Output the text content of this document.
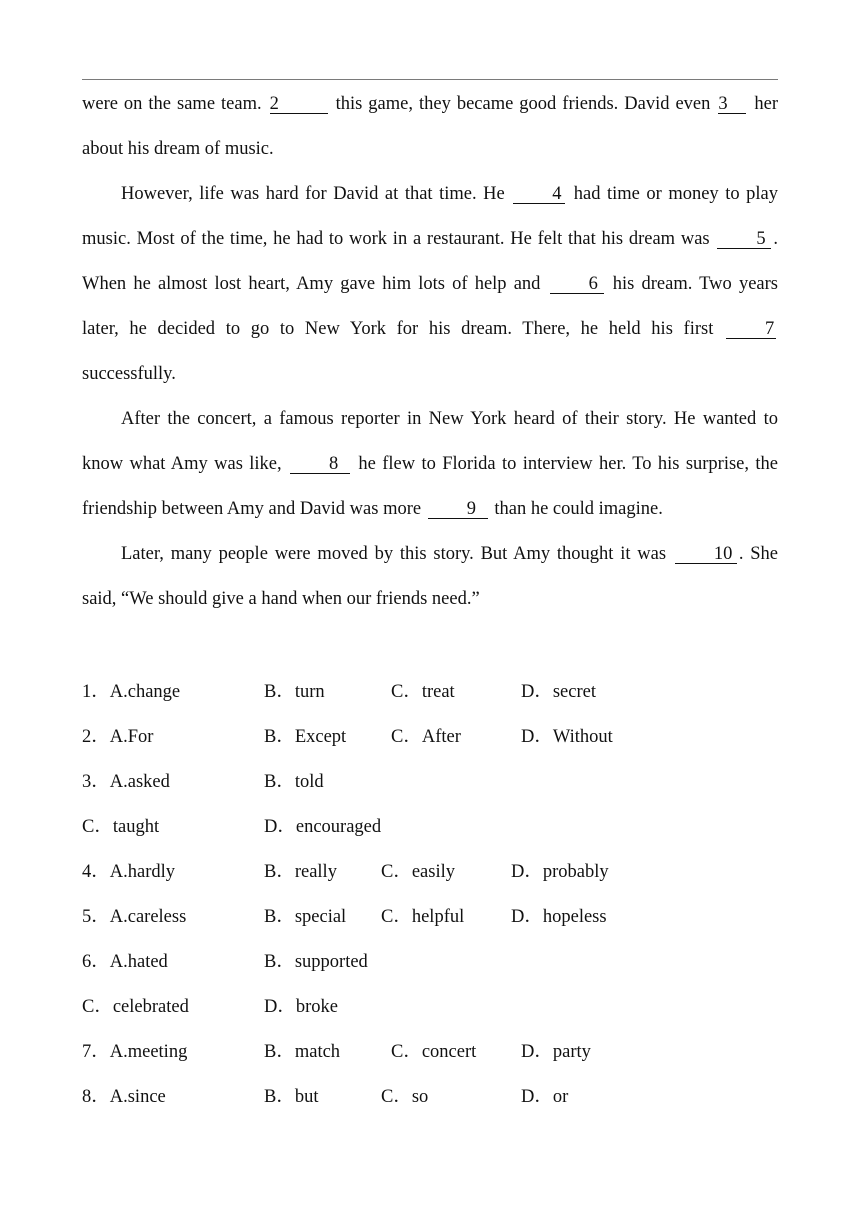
were on the same team. 2	this game, they became good friends. David even 3 her about his dream of music.

However, life was hard for David at that time. He 4 had time or money to play music. Most of the time, he had to work in a restaurant. He felt that his dream was 5 . When he almost lost heart, Amy gave him lots of help and 6 his dream. Two years later, he decided to go to New York for his dream. There, he held his first 7 successfully.

After the concert, a famous reporter in New York heard of their story. He wanted to know what Amy was like, 8 he flew to Florida to interview her. To his surprise, the friendship between Amy and David was more 9 than he could imagine.

Later, many people were moved by this story. But Amy thought it was 10 . She said, “We should give a hand when our friends need.”

1．A.change	B．turn	C．treat	D．secret
2．A.For	B．Except C．After	D．Without
3．A.asked	B．told
C．taught	D．encouraged
4．A.hardly	B．really C．easily	D．probably
5．A.careless	B．special C．helpful	D．hopeless
6．A.hated	B．supported
C．celebrated	D．broke
7．A.meeting	B．match	C．concert D．party
8．A.since	B．but	C．so	D．or
